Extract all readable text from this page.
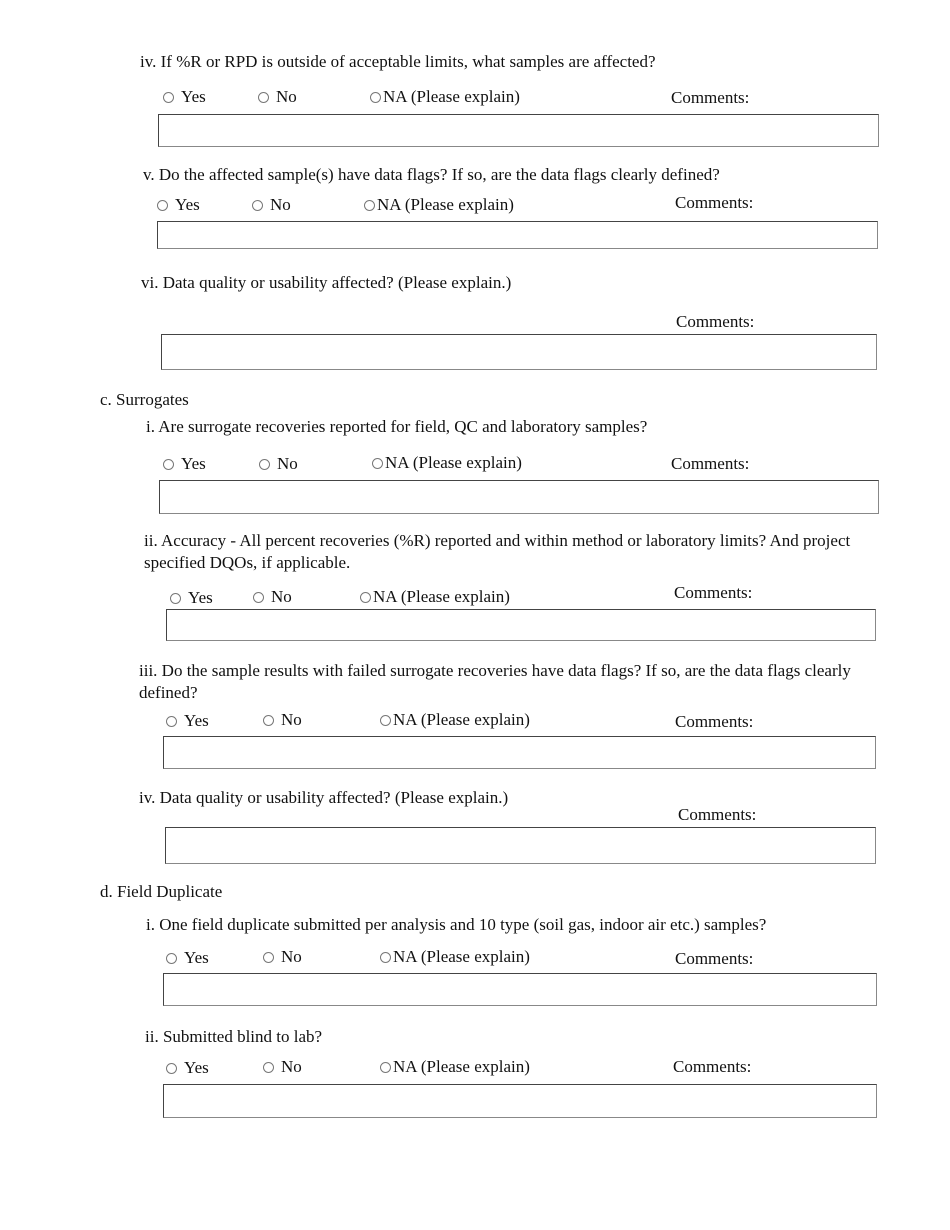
iv. If %R or RPD is outside of acceptable limits, what samples are affected?
Yes	No	NA (Please explain)	Comments:
v. Do the affected sample(s) have data flags? If so, are the data flags clearly defined?
Yes	No	NA (Please explain)	Comments:
vi. Data quality or usability affected? (Please explain.)
Comments:
c. Surrogates
i. Are surrogate recoveries reported for field, QC and laboratory samples?
Yes	No	NA (Please explain)	Comments:
ii. Accuracy - All percent recoveries (%R) reported and within method or laboratory limits? And project specified DQOs, if applicable.
Yes	No	NA (Please explain)	Comments:
iii. Do the sample results with failed surrogate recoveries have data flags? If so, are the data flags clearly defined?
Yes	No	NA (Please explain)	Comments:
iv. Data quality or usability affected? (Please explain.)
Comments:
d. Field Duplicate
i. One field duplicate submitted per analysis and 10 type (soil gas, indoor air etc.) samples?
Yes	No	NA (Please explain)	Comments:
ii. Submitted blind to lab?
Yes	No	NA (Please explain)	Comments:
